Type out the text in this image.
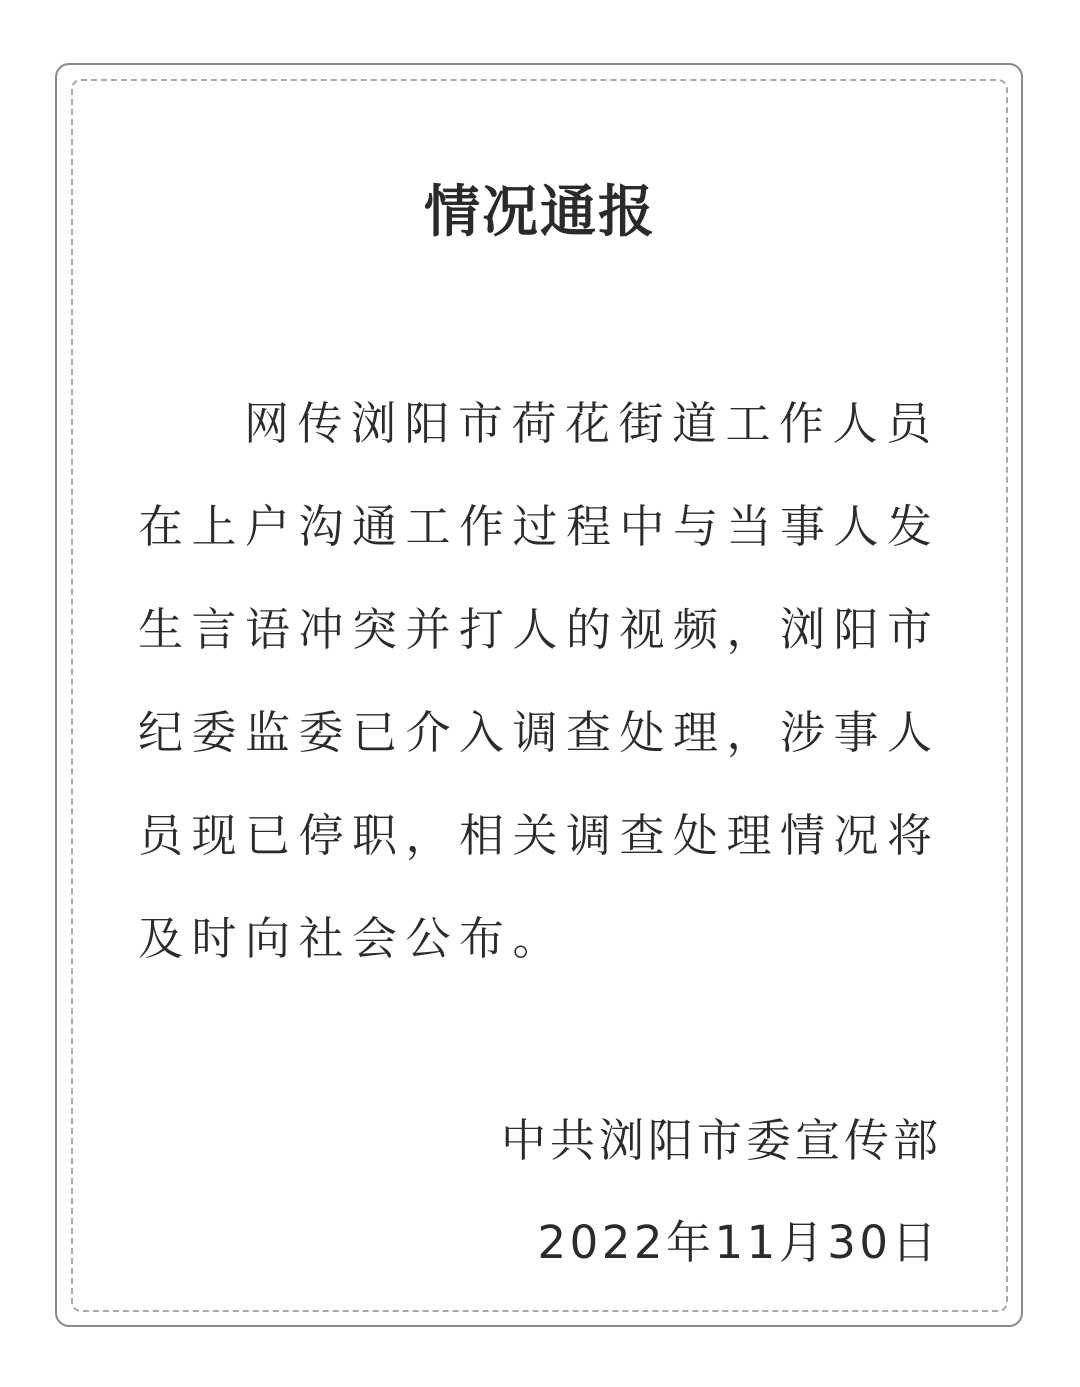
情况通报
网传浏阳市荷花街道工作人员
在上户沟通工作过程中与当事人发
生言语冲突并打人的视频，浏阳市
纪委监委已介入调查处理，涉事人
员现已停职，相关调查处理情况将
及时向社会公布。
中共浏阳市委宣传部
2022年11月30日
